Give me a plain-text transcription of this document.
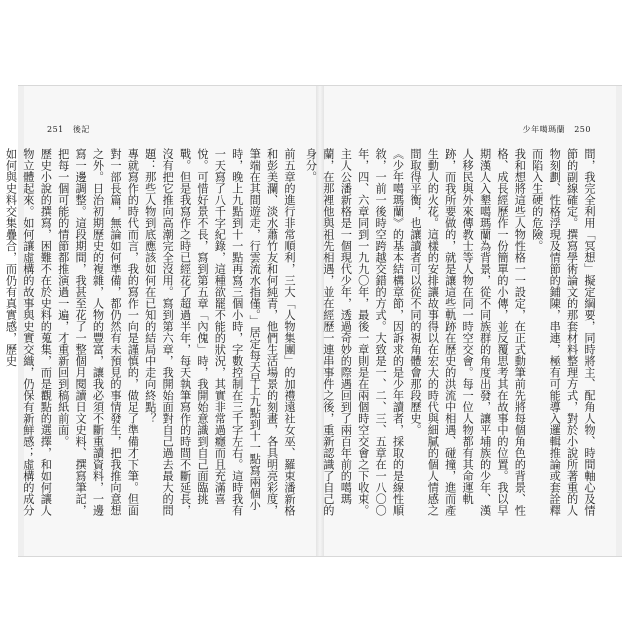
251 後記

前五章的進行非常順利，三大「人物集團」的加禮遠社女巫、羅束潘新格和彭美瀾、淡水蕭竹友和何純青，他們生活場景的刻畫，各具明亮彩度，筆端在其間遊走，行雲流水指僅。」居定每天早上九點到十一點寫兩個小時，晚上九點到十一點再寫三個小時，字數控制在三千字左右。這時我有一天寫了八千字紀錄，這種欲罷不能的狀況，其實非常過癮而且充滿喜悅。可惜好景不長，寫到第五章「內傀」時，我開始意識到自己面臨挑戰。但是我寫作之時已經花了超過半年，每天執筆寫作的時間不斷延長，沒有把它推向高潮完全沒用。寫到第六章，我開始面對自己過去最大的問題：那些人物到底應該如何在已知的結局中走向終點？

專就寫作的時代而言，我的寫作一向是謹慎的，做足了準備才下筆。但面對一部長篇，無論如何準備，都仍然有未預見的事情發生，把我推向意想之外。日治初期歷史的複雜，人物的豐富，讓我必須不斷重讀資料，一邊寫一邊調整。這段期間，我甚至花了一整個月閱讀日文史料、撰寫筆記，把每一個可能的情節都推演過一遍，才重新回到稿紙前面。

歷史小說的撰寫，困難不在於史料的蒐集，而是觀點的選擇，和如何讓人物立體起來。如何讓虛構的故事與史實交織，仍保有新鮮感；虛構的成分如何與史料交集疊合，而仍有真實感，歷史

少年噶瑪蘭 250

間，我完全利用「冥想」擬定綱要，同時將主、配角人物、時間軸心及情節的副線確定。撰寫學術論文的那套材料整理方式，對於小說所著重的人物刻劃、性格浮現及情節的鋪陳，串連，極有可能導入邏輯推論或套詮釋而陷入生硬的危險。

我和想將這些人物性格一一設定，在正式動筆前先將每個角色的背景、性格、成長經歷作一份簡單的小傳，並反覆思考其在故事中的位置。我以早期漢人入墾噶瑪蘭為背景，從不同族群的角度出發，讓平埔族的少年、漢人移民與外來傳教士等人物在同一時空交會。每一位人物都有其命運軌跡，而我所要做的，就是讓這些軌跡在歷史的洪流中相遇、碰撞，進而產生動人的火花。這樣的安排讓故事得以在宏大的時代與細膩的個人情感之間取得平衡，也讓讀者可以從不同的視角體會那段歷史。

《少年噶瑪蘭》的基本結構章節，因訴求的是少年讀者，採取的是線性順敘，一前一後時空跨越交錯的方式。大致是一、二、三、五章在一八〇〇年，四、六章同到一九九〇年，最後一章則是在兩個時空交會之下收束。主人公潘新格是一個現代少年，透過奇妙的際遇回到了兩百年前的噶瑪蘭，在那裡他與祖先相遇，並在經歷一連串事件之後，重新認識了自己的身分。
